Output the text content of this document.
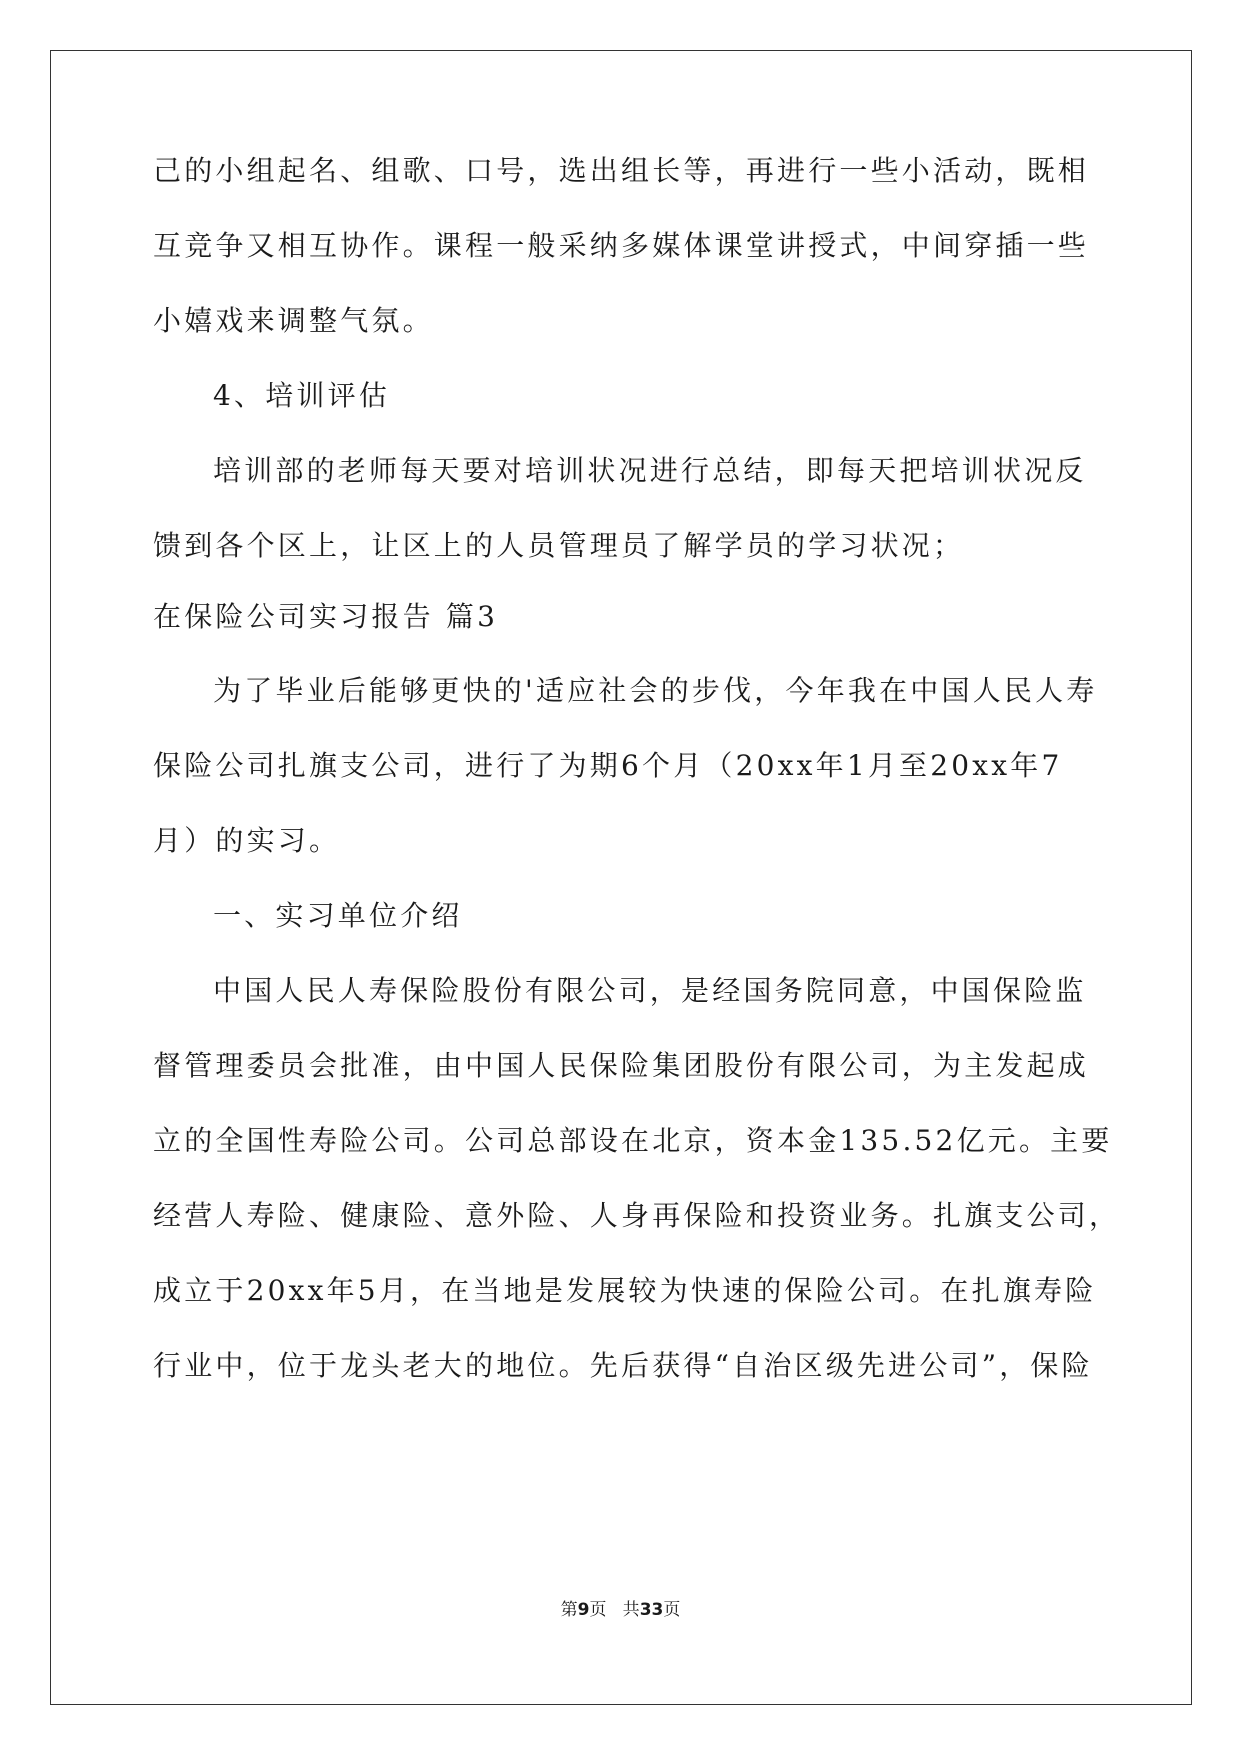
己的小组起名、组歌、口号，选出组长等，再进行一些小活动，既相
互竞争又相互协作。课程一般采纳多媒体课堂讲授式，中间穿插一些
小嬉戏来调整气氛。
4、培训评估
培训部的老师每天要对培训状况进行总结，即每天把培训状况反
馈到各个区上，让区上的人员管理员了解学员的学习状况；
在保险公司实习报告 篇3
为了毕业后能够更快的'适应社会的步伐，今年我在中国人民人寿
保险公司扎旗支公司，进行了为期6个月（20xx年1月至20xx年7
月）的实习。
一、实习单位介绍
中国人民人寿保险股份有限公司，是经国务院同意，中国保险监
督管理委员会批准，由中国人民保险集团股份有限公司，为主发起成
立的全国性寿险公司。公司总部设在北京，资本金135.52亿元。主要
经营人寿险、健康险、意外险、人身再保险和投资业务。扎旗支公司，
成立于20xx年5月，在当地是发展较为快速的保险公司。在扎旗寿险
行业中，位于龙头老大的地位。先后获得“自治区级先进公司”，保险
第9页   共33页
